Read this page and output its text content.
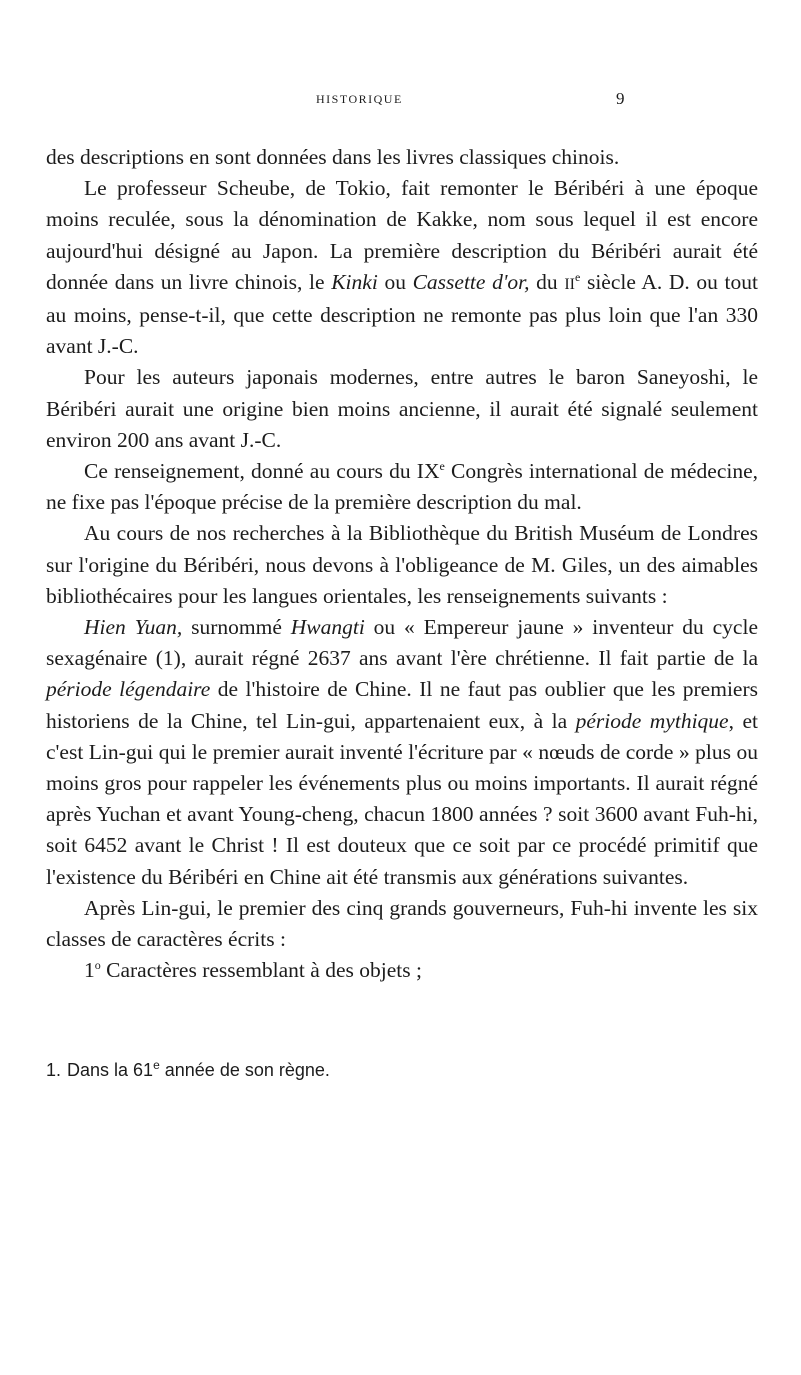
HISTORIQUE	9

des descriptions en sont données dans les livres classiques chinois.

Le professeur Scheube, de Tokio, fait remonter le Béribéri à une époque moins reculée, sous la dénomination de Kakke, nom sous lequel il est encore aujourd'hui désigné au Japon. La première description du Béribéri aurait été donnée dans un livre chinois, le Kinki ou Cassette d'or, du IIe siècle A. D. ou tout au moins, pense-t-il, que cette description ne remonte pas plus loin que l'an 330 avant J.-C.

Pour les auteurs japonais modernes, entre autres le baron Saneyoshi, le Béribéri aurait une origine bien moins ancienne, il aurait été signalé seulement environ 200 ans avant J.-C.

Ce renseignement, donné au cours du IXe Congrès international de médecine, ne fixe pas l'époque précise de la première description du mal.

Au cours de nos recherches à la Bibliothèque du British Muséum de Londres sur l'origine du Béribéri, nous devons à l'obligeance de M. Giles, un des aimables bibliothécaires pour les langues orientales, les renseignements suivants :

Hien Yuan, surnommé Hwangti ou « Empereur jaune » inventeur du cycle sexagénaire (1), aurait régné 2637 ans avant l'ère chrétienne. Il fait partie de la période légendaire de l'histoire de Chine. Il ne faut pas oublier que les premiers historiens de la Chine, tel Lin-gui, appartenaient eux, à la période mythique, et c'est Lin-gui qui le premier aurait inventé l'écriture par « nœuds de corde » plus ou moins gros pour rappeler les événements plus ou moins importants. Il aurait régné après Yuchan et avant Young-cheng, chacun 1800 années ? soit 3600 avant Fuh-hi, soit 6452 avant le Christ ! Il est douteux que ce soit par ce procédé primitif que l'existence du Béribéri en Chine ait été transmis aux générations suivantes.

Après Lin-gui, le premier des cinq grands gouverneurs, Fuh-hi invente les six classes de caractères écrits :

1$^o$ Caractères ressemblant à des objets ;

1. Dans la 61e année de son règne.
